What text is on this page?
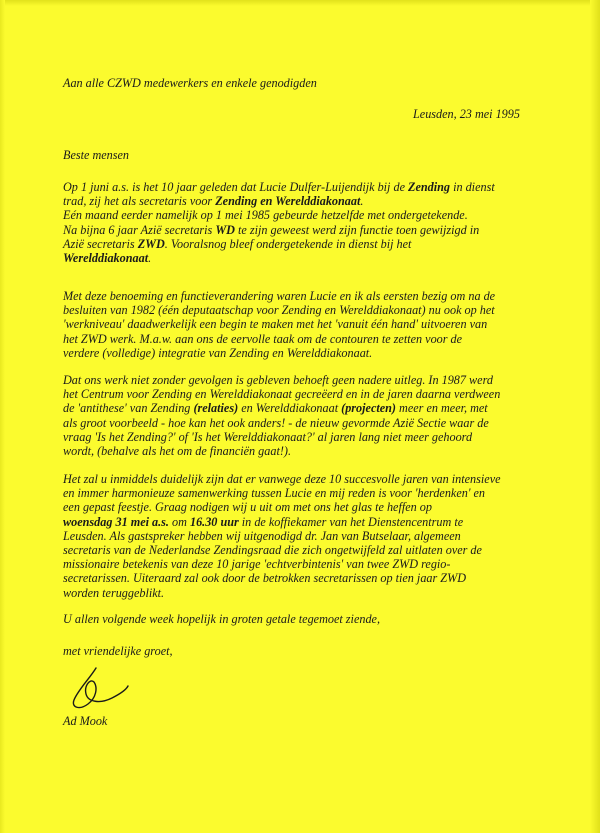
Aan alle CZWD medewerkers en enkele genodigden
Leusden, 23 mei 1995
Beste mensen
Op 1 juni a.s. is het 10 jaar geleden dat Lucie Dulfer-Luijendijk bij de Zending in dienst
trad, zij het als secretaris voor Zending en Werelddiakonaat.
Eén maand eerder namelijk op 1 mei 1985 gebeurde hetzelfde met ondergetekende.
Na bijna 6 jaar Azië secretaris WD te zijn geweest werd zijn functie toen gewijzigd in
Azië secretaris ZWD. Vooralsnog bleef ondergetekende in dienst bij het
Werelddiakonaat.
Met deze benoeming en functieverandering waren Lucie en ik als eersten bezig om na de
besluiten van 1982 (één deputaatschap voor Zending en Werelddiakonaat) nu ook op het
'werkniveau' daadwerkelijk een begin te maken met het 'vanuit één hand' uitvoeren van
het ZWD werk. M.a.w. aan ons de eervolle taak om de contouren te zetten voor de
verdere (volledige) integratie van Zending en Werelddiakonaat.
Dat ons werk niet zonder gevolgen is gebleven behoeft geen nadere uitleg. In 1987 werd
het Centrum voor Zending en Werelddiakonaat gecreëerd en in de jaren daarna verdween
de 'antithese' van Zending (relaties) en Werelddiakonaat (projecten) meer en meer, met
als groot voorbeeld - hoe kan het ook anders! - de nieuw gevormde Azië Sectie waar de
vraag 'Is het Zending?' of 'Is het Werelddiakonaat?' al jaren lang niet meer gehoord
wordt, (behalve als het om de financiën gaat!).
Het zal u inmiddels duidelijk zijn dat er vanwege deze 10 succesvolle jaren van intensieve
en immer harmonieuze samenwerking tussen Lucie en mij reden is voor 'herdenken' en
een gepast feestje. Graag nodigen wij u uit om met ons het glas te heffen op
woensdag 31 mei a.s. om 16.30 uur in de koffiekamer van het Dienstencentrum te
Leusden. Als gastspreker hebben wij uitgenodigd dr. Jan van Butselaar, algemeen
secretaris van de Nederlandse Zendingsraad die zich ongetwijfeld zal uitlaten over de
missionaire betekenis van deze 10 jarige 'echtverbintenis' van twee ZWD regio-
secretarissen. Uiteraard zal ook door de betrokken secretarissen op tien jaar ZWD
worden teruggeblikt.
U allen volgende week hopelijk in groten getale tegemoet ziende,
met vriendelijke groet,
Ad Mook
